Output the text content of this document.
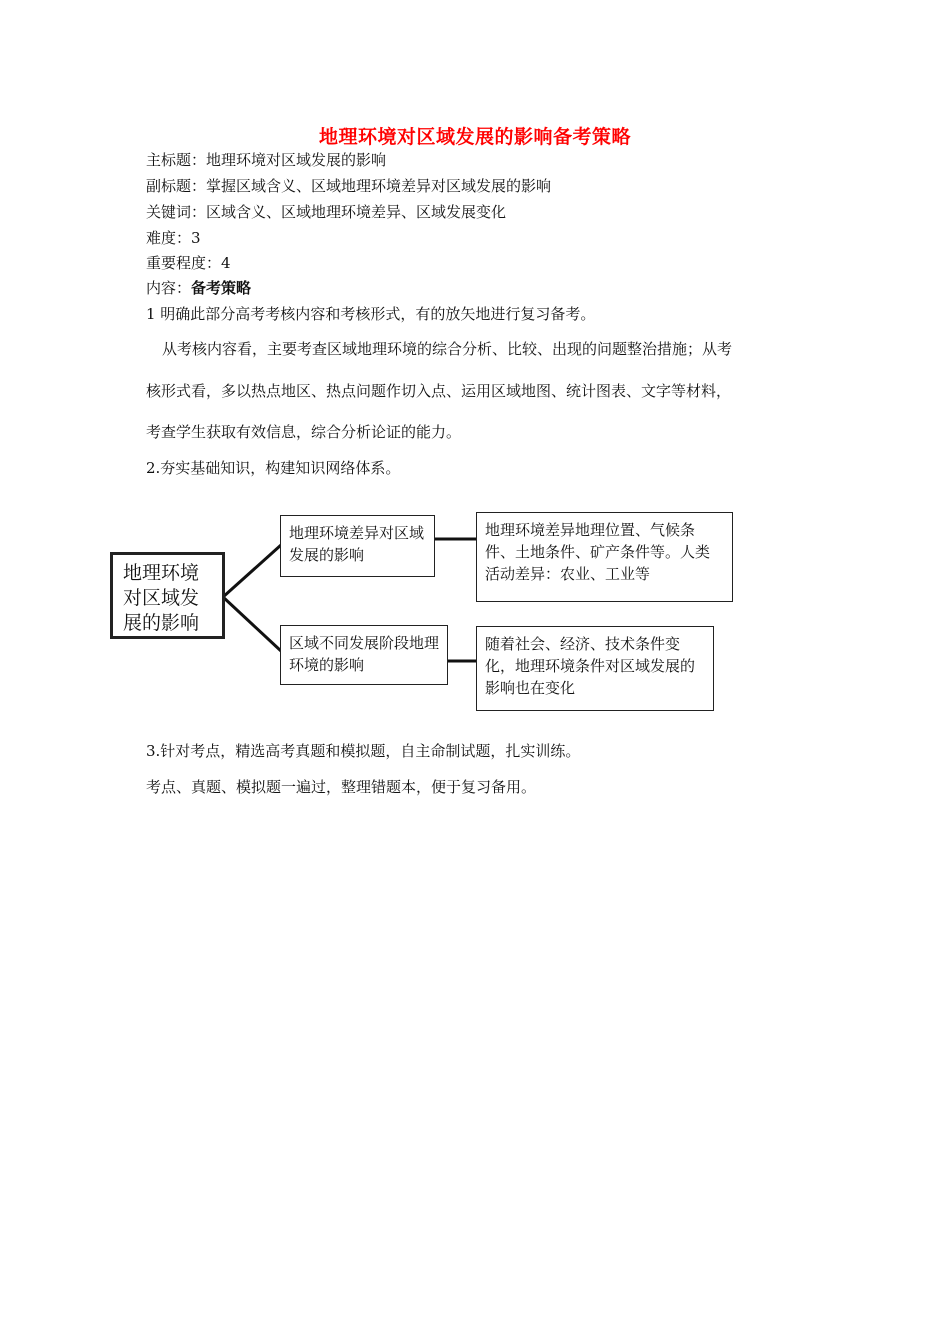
地理环境对区域发展的影响备考策略
主标题：地理环境对区域发展的影响
副标题：掌握区域含义、区域地理环境差异对区域发展的影响
关键词：区域含义、区域地理环境差异、区域发展变化
难度：3
重要程度：4
内容：备考策略
1 明确此部分高考考核内容和考核形式，有的放矢地进行复习备考。
从考核内容看，主要考查区域地理环境的综合分析、比较、出现的问题整治措施；从考
核形式看，多以热点地区、热点问题作切入点、运用区域地图、统计图表、文字等材料，
考查学生获取有效信息，综合分析论证的能力。
2.夯实基础知识，构建知识网络体系。
地理环境对区域发展的影响
地理环境差异对区域发展的影响
地理环境差异地理位置、气候条件、土地条件、矿产条件等。人类活动差异：农业、工业等
区域不同发展阶段地理环境的影响
随着社会、经济、技术条件变化，地理环境条件对区域发展的影响也在变化
3.针对考点，精选高考真题和模拟题，自主命制试题，扎实训练。
考点、真题、模拟题一遍过，整理错题本，便于复习备用。
